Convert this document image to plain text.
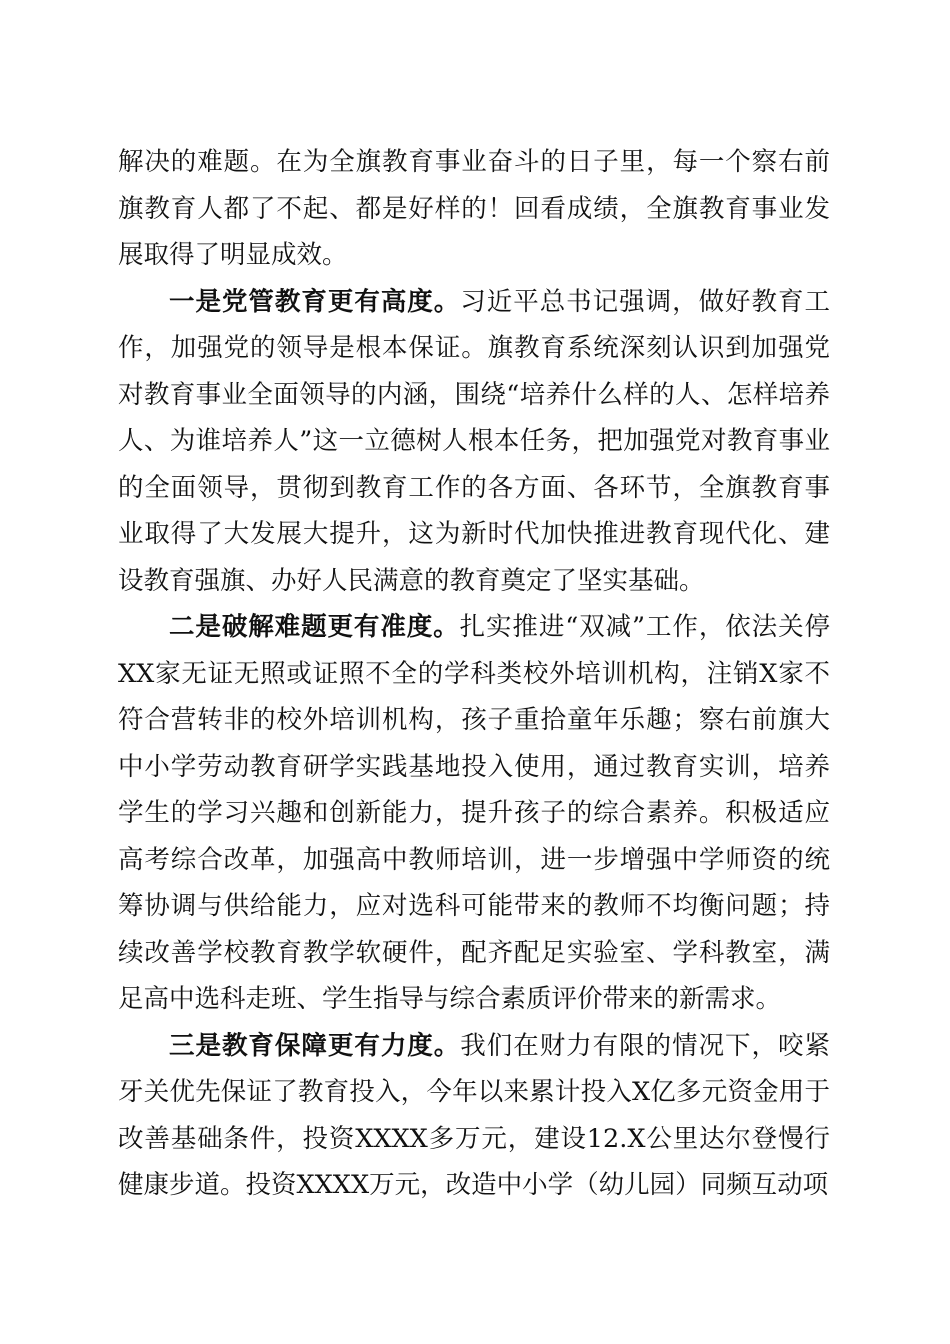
解决的难题。在为全旗教育事业奋斗的日子里，每一个察右前旗教育人都了不起、都是好样的！回看成绩，全旗教育事业发展取得了明显成效。

一是党管教育更有高度。习近平总书记强调，做好教育工作，加强党的领导是根本保证。旗教育系统深刻认识到加强党对教育事业全面领导的内涵，围绕“培养什么样的人、怎样培养人、为谁培养人”这一立德树人根本任务，把加强党对教育事业的全面领导，贯彻到教育工作的各方面、各环节，全旗教育事业取得了大发展大提升，这为新时代加快推进教育现代化、建设教育强旗、办好人民满意的教育奠定了坚实基础。

二是破解难题更有准度。扎实推进“双减”工作，依法关停XX家无证无照或证照不全的学科类校外培训机构，注销X家不符合营转非的校外培训机构，孩子重拾童年乐趣；察右前旗大中小学劳动教育研学实践基地投入使用，通过教育实训，培养学生的学习兴趣和创新能力，提升孩子的综合素养。积极适应高考综合改革，加强高中教师培训，进一步增强中学师资的统筹协调与供给能力，应对选科可能带来的教师不均衡问题；持续改善学校教育教学软硬件，配齐配足实验室、学科教室，满足高中选科走班、学生指导与综合素质评价带来的新需求。

三是教育保障更有力度。我们在财力有限的情况下，咬紧牙关优先保证了教育投入，今年以来累计投入X亿多元资金用于改善基础条件，投资XXXX多万元，建设12.X公里达尔登慢行健康步道。投资XXXX万元，改造中小学（幼儿园）同频互动项
